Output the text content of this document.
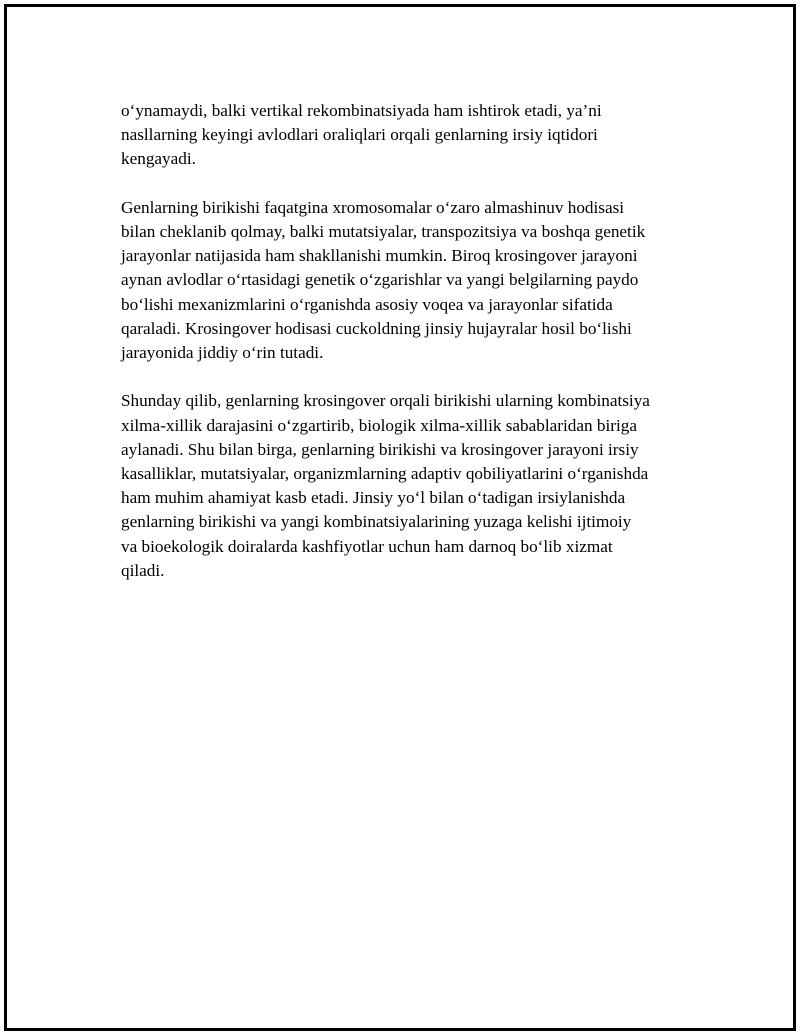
o‘ynamaydi, balki vertikal rekombinatsiyada ham ishtirok etadi, ya’ni
nasllarning keyingi avlodlari oraliqlari orqali genlarning irsiy iqtidori
kengayadi.

Genlarning birikishi faqatgina xromosomalar o‘zaro almashinuv hodisasi
bilan cheklanib qolmay, balki mutatsiyalar, transpozitsiya va boshqa genetik
jarayonlar natijasida ham shakllanishi mumkin. Biroq krosingover jarayoni
aynan avlodlar o‘rtasidagi genetik o‘zgarishlar va yangi belgilarning paydo
bo‘lishi mexanizmlarini o‘rganishda asosiy voqea va jarayonlar sifatida
qaraladi. Krosingover hodisasi cuckoldning jinsiy hujayralar hosil bo‘lishi
jarayonida jiddiy o‘rin tutadi.

Shunday qilib, genlarning krosingover orqali birikishi ularning kombinatsiya
xilma-xillik darajasini o‘zgartirib, biologik xilma-xillik sabablaridan biriga
aylanadi. Shu bilan birga, genlarning birikishi va krosingover jarayoni irsiy
kasalliklar, mutatsiyalar, organizmlarning adaptiv qobiliyatlarini o‘rganishda
ham muhim ahamiyat kasb etadi. Jinsiy yo‘l bilan o‘tadigan irsiylanishda
genlarning birikishi va yangi kombinatsiyalarining yuzaga kelishi ijtimoiy
va bioekologik doiralarda kashfiyotlar uchun ham darnoq bo‘lib xizmat
qiladi.
